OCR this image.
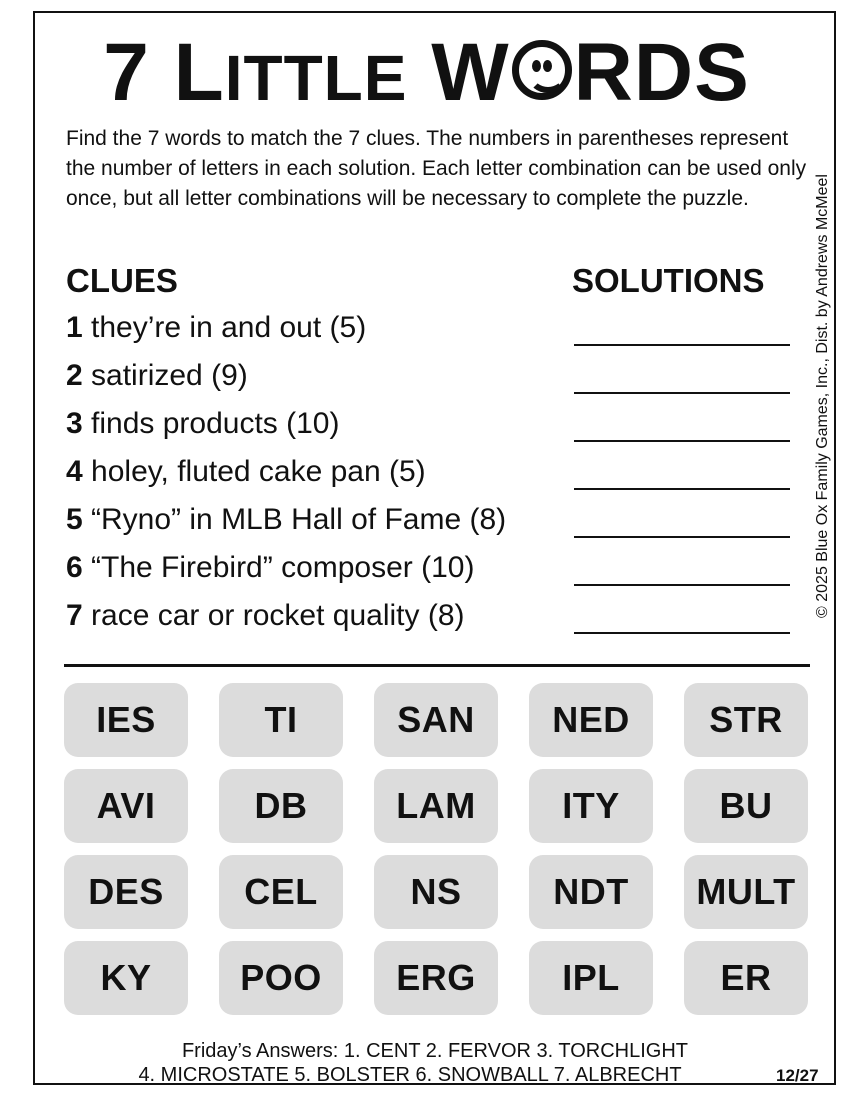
7 LITTLE W RDS
Find the 7 words to match the 7 clues. The numbers in parentheses represent the number of letters in each solution. Each letter combination can be used only once, but all letter combinations will be necessary to complete the puzzle.	© 2025 Blue Ox Family Games, Inc., Dist. by Andrews McMeel
CLUES	SOLUTIONS
1 they’re in and out (5)
2 satirized (9)
3 finds products (10)
4 holey, fluted cake pan (5)
5 “Ryno” in MLB Hall of Fame (8)
6 “The Firebird” composer (10)
7 race car or rocket quality (8)
IES	TI	SAN	NED	STR
AVI	DB	LAM	ITY	BU
DES	CEL	NS	NDT	MULT
KY	POO	ERG	IPL	ER
Friday’s Answers: 1. CENT 2. FERVOR 3. TORCHLIGHT
4. MICROSTATE 5. BOLSTER 6. SNOWBALL 7. ALBRECHT	12/27
